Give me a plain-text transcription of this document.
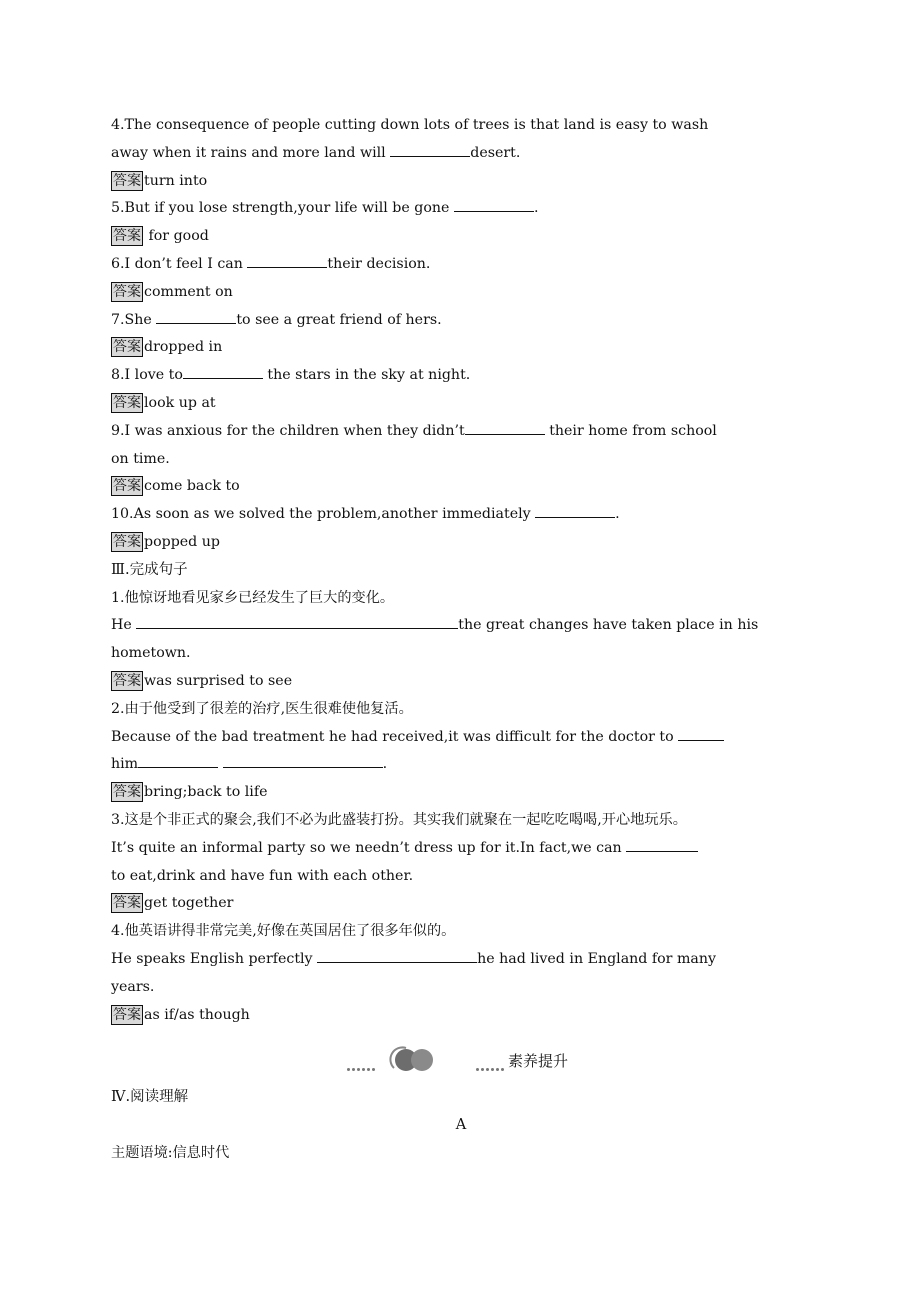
4.The consequence of people cutting down lots of trees is that land is easy to wash
away when it rains and more land will	desert.
答案 turn into
5.But if you lose strength,your life will be gone	.
答案 for good
6.I don’t feel I can	their decision.
答案 comment on
7.She	to see a great friend of hers.
答案 dropped in
8.I love to	the stars in the sky at night.
答案 look up at
9.I was anxious for the children when they didn’t	their home from school
on time.
答案 come back to
10.As soon as we solved the problem,another immediately	.
答案 popped up
Ⅲ.完成句子
1.他惊讶地看见家乡已经发生了巨大的变化。
He	the great changes have taken place in his
hometown.
答案 was surprised to see
2.由于他受到了很差的治疗,医生很难使他复活。
Because of the bad treatment he had received,it was difficult for the doctor to
him	.
答案 bring;back to life
3.这是个非正式的聚会,我们不必为此盛装打扮。其实我们就聚在一起吃吃喝喝,开心地玩乐。
It’s quite an informal party so we needn’t dress up for it.In fact,we can
to eat,drink and have fun with each other.
答案 get together
4.他英语讲得非常完美,好像在英国居住了很多年似的。
He speaks English perfectly	he had lived in England for many
years.
答案 as if/as though
素养提升
Ⅳ.阅读理解
A
主题语境:信息时代
